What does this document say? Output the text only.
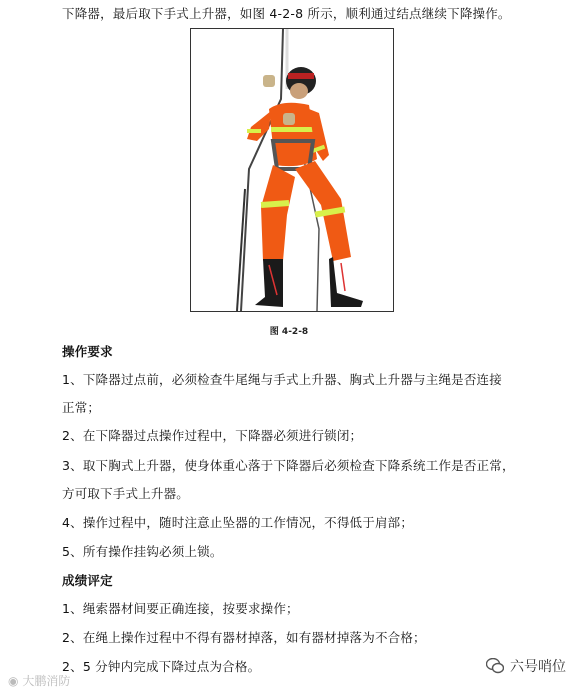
下降器，最后取下手式上升器，如图 4-2-8 所示，顺利通过结点继续下降操作。
图 4-2-8
操作要求
1、下降器过点前，必须检查牛尾绳与手式上升器、胸式上升器与主绳是否连接
正常；
2、在下降器过点操作过程中，下降器必须进行锁闭；
3、取下胸式上升器，使身体重心落于下降器后必须检查下降系统工作是否正常，
方可取下手式上升器。
4、操作过程中，随时注意止坠器的工作情况，不得低于肩部；
5、所有操作挂钩必须上锁。
成绩评定
1、绳索器材间要正确连接，按要求操作；
2、在绳上操作过程中不得有器材掉落，如有器材掉落为不合格；
2、5 分钟内完成下降过点为合格。
◉ 大鹏消防
六号哨位
